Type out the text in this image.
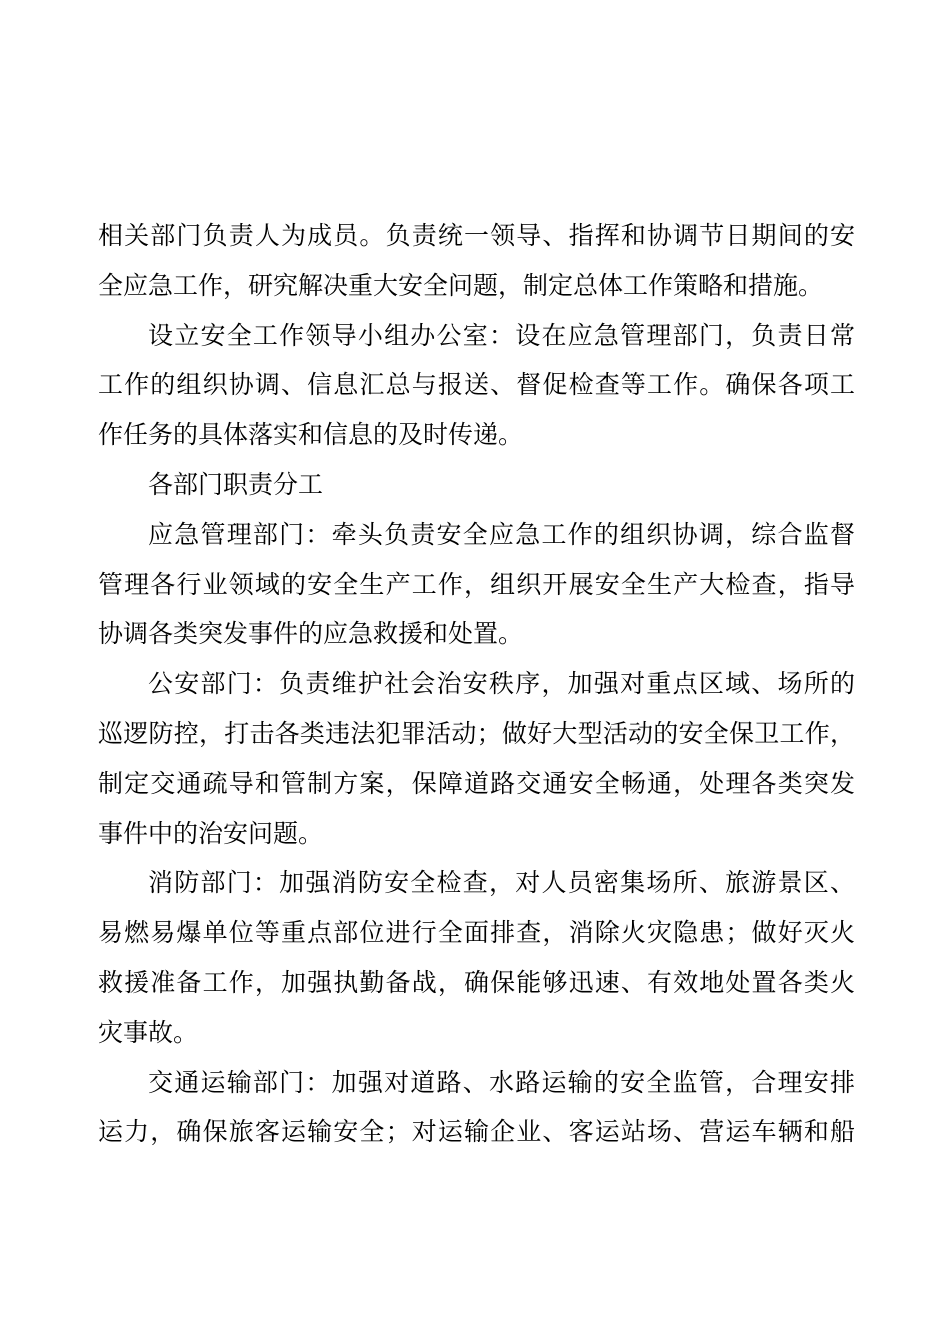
相关部门负责人为成员。负责统一领导、指挥和协调节日期间的安
全应急工作，研究解决重大安全问题，制定总体工作策略和措施。
设立安全工作领导小组办公室：设在应急管理部门，负责日常
工作的组织协调、信息汇总与报送、督促检查等工作。确保各项工
作任务的具体落实和信息的及时传递。
各部门职责分工
应急管理部门：牵头负责安全应急工作的组织协调，综合监督
管理各行业领域的安全生产工作，组织开展安全生产大检查，指导
协调各类突发事件的应急救援和处置。
公安部门：负责维护社会治安秩序，加强对重点区域、场所的
巡逻防控，打击各类违法犯罪活动；做好大型活动的安全保卫工作，
制定交通疏导和管制方案，保障道路交通安全畅通，处理各类突发
事件中的治安问题。
消防部门：加强消防安全检查，对人员密集场所、旅游景区、
易燃易爆单位等重点部位进行全面排查，消除火灾隐患；做好灭火
救援准备工作，加强执勤备战，确保能够迅速、有效地处置各类火
灾事故。
交通运输部门：加强对道路、水路运输的安全监管，合理安排
运力，确保旅客运输安全；对运输企业、客运站场、营运车辆和船
